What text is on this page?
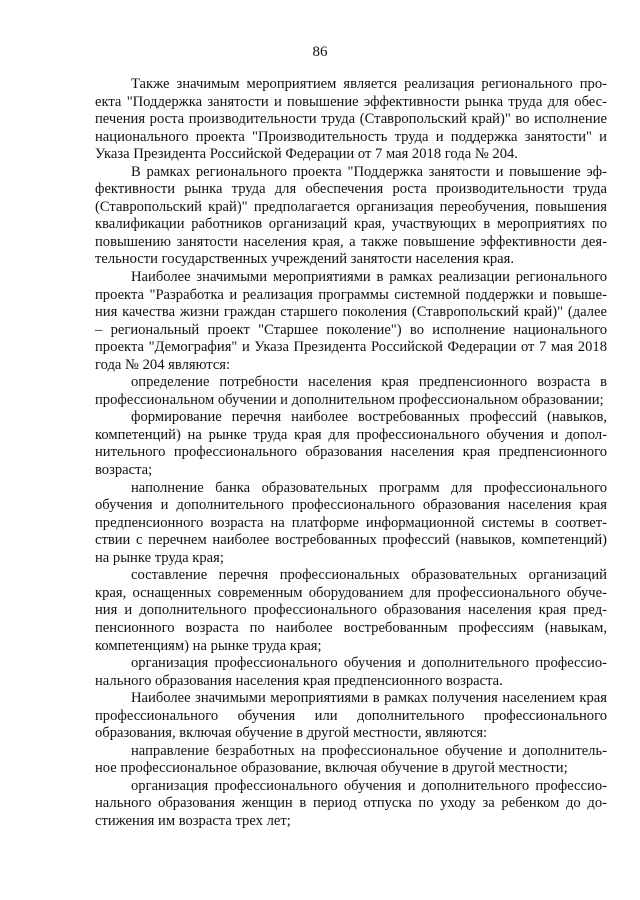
86

Также значимым мероприятием является реализация регионального проекта "Поддержка занятости и повышение эффективности рынка труда для обеспечения роста производительности труда (Ставропольский край)" во исполнение национального проекта "Производительность труда и поддержка занятости" и Указа Президента Российской Федерации от 7 мая 2018 года № 204.

В рамках регионального проекта "Поддержка занятости и повышение эффективности рынка труда для обеспечения роста производительности труда (Ставропольский край)" предполагается организация переобучения, повышения квалификации работников организаций края, участвующих в мероприятиях по повышению занятости населения края, а также повышение эффективности деятельности государственных учреждений занятости населения края.

Наиболее значимыми мероприятиями в рамках реализации регионального проекта "Разработка и реализация программы системной поддержки и повышения качества жизни граждан старшего поколения (Ставропольский край)" (далее – региональный проект "Старшее поколение") во исполнение национального проекта "Демография" и Указа Президента Российской Федерации от 7 мая 2018 года № 204 являются:

определение потребности населения края предпенсионного возраста в профессиональном обучении и дополнительном профессиональном образовании;

формирование перечня наиболее востребованных профессий (навыков, компетенций) на рынке труда края для профессионального обучения и дополнительного профессионального образования населения края предпенсионного возраста;

наполнение банка образовательных программ для профессионального обучения и дополнительного профессионального образования населения края предпенсионного возраста на платформе информационной системы в соответствии с перечнем наиболее востребованных профессий (навыков, компетенций) на рынке труда края;

составление перечня профессиональных образовательных организаций края, оснащенных современным оборудованием для профессионального обучения и дополнительного профессионального образования населения края предпенсионного возраста по наиболее востребованным профессиям (навыкам, компетенциям) на рынке труда края;

организация профессионального обучения и дополнительного профессионального образования населения края предпенсионного возраста.

Наиболее значимыми мероприятиями в рамках получения населением края профессионального обучения или дополнительного профессионального образования, включая обучение в другой местности, являются:

направление безработных на профессиональное обучение и дополнительное профессиональное образование, включая обучение в другой местности;

организация профессионального обучения и дополнительного профессионального образования женщин в период отпуска по уходу за ребенком до достижения им возраста трех лет;
